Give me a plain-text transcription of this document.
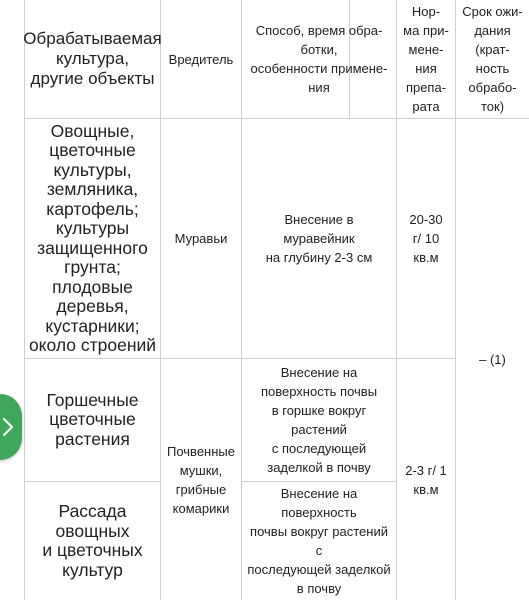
Обрабатываемая
культура,
другие объекты
Вредитель
Способ, время обра-
ботки,
особенности примене-
ния
Нор-
ма при-
мене-
ния
препа-
рата
Срок ожи-
дания
(крат-
ность
обрабо-
ток)
Овощные,
цветочные
культуры,
земляника,
картофель;
культуры
защищенного
грунта;
плодовые
деревья,
кустарники;
около строений
Муравьи
Внесение в
муравейник
на глубину 2-3 см
20-30
г/ 10
кв.м
Горшечные
цветочные
растения
Внесение на
поверхность почвы
в горшке вокруг
растений
с последующей
заделкой в почву
Рассада
овощных
и цветочных
культур
Внесение на
поверхность
почвы вокруг растений
с
последующей заделкой
в почву
Почвенные
мушки,
грибные
комарики
2-3 г/ 1
кв.м
– (1)
